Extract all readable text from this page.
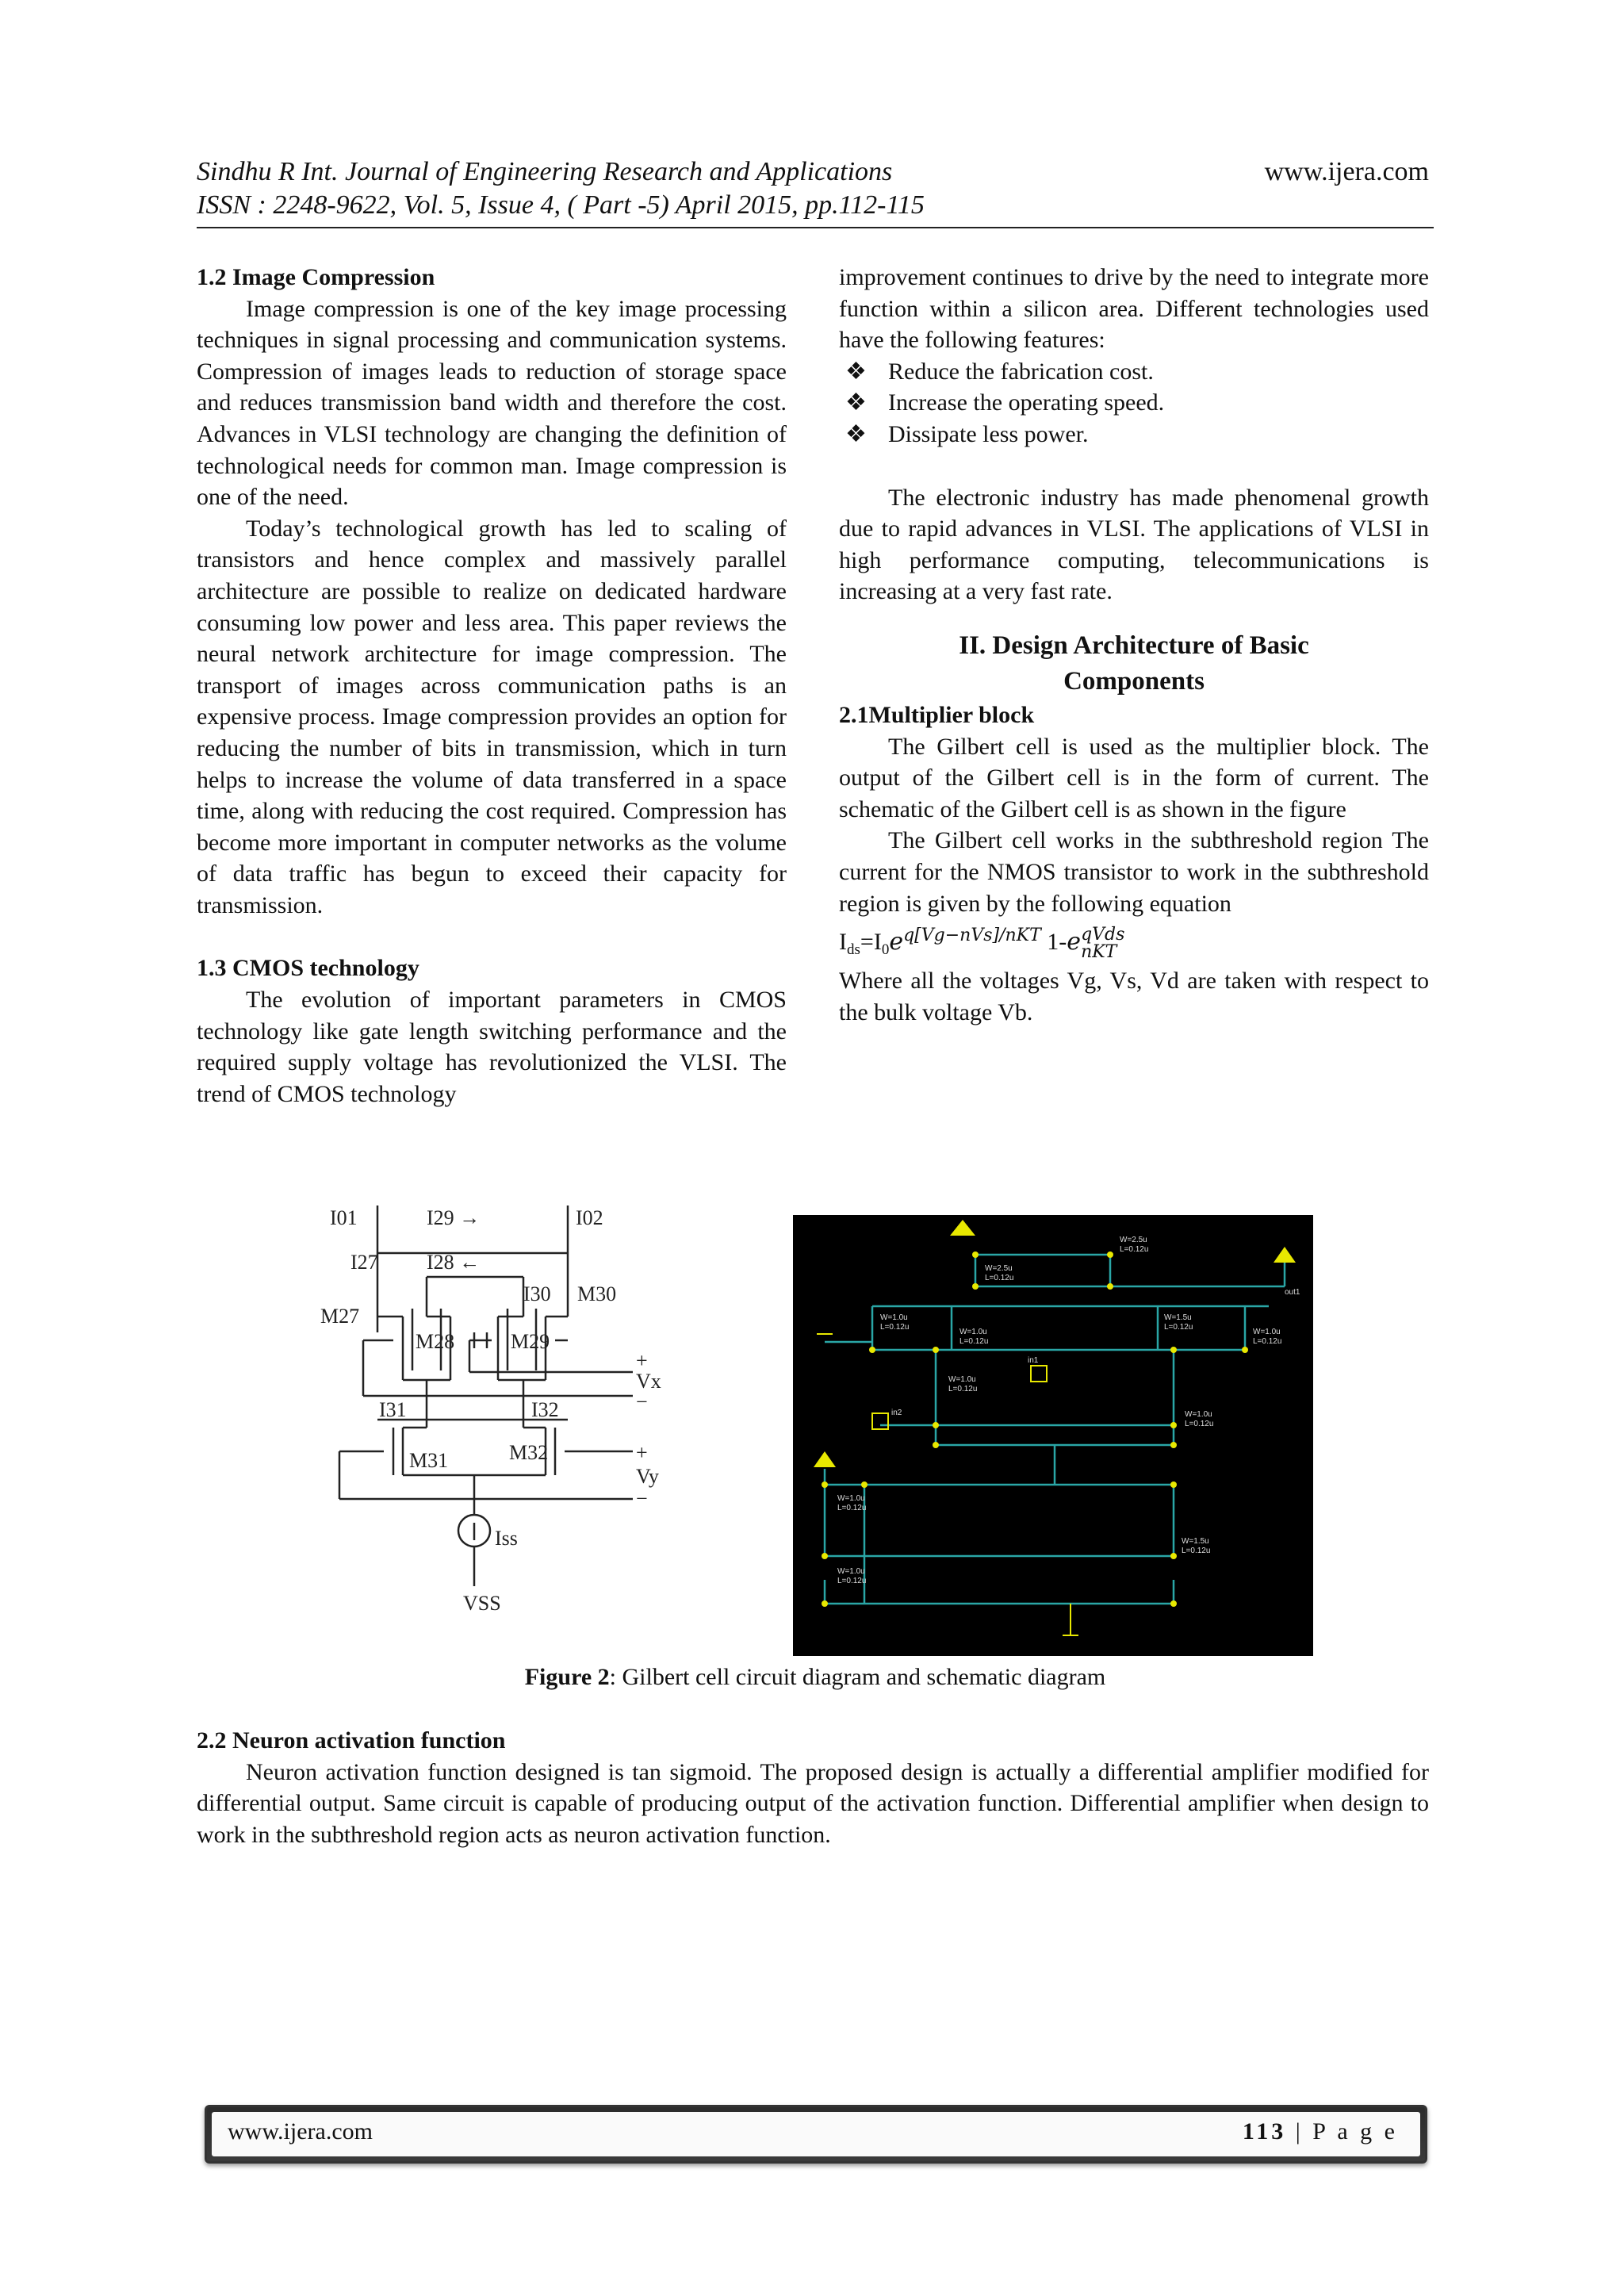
Sindhu R Int. Journal of Engineering Research and Applications	www.ijera.com
ISSN : 2248-9622, Vol. 5, Issue 4, ( Part -5) April 2015, pp.112-115

1.2 Image Compression

Image compression is one of the key image processing techniques in signal processing and communication systems. Compression of images leads to reduction of storage space and reduces transmission band width and therefore the cost. Advances in VLSI technology are changing the definition of technological needs for common man. Image compression is one of the need.

Today’s technological growth has led to scaling of transistors and hence complex and massively parallel architecture are possible to realize on dedicated hardware consuming low power and less area. This paper reviews the neural network architecture for image compression. The transport of images across communication paths is an expensive process. Image compression provides an option for reducing the number of bits in transmission, which in turn helps to increase the volume of data transferred in a space time, along with reducing the cost required. Compression has become more important in computer networks as the volume of data traffic has begun to exceed their capacity for transmission.

1.3 CMOS technology

The evolution of important parameters in CMOS technology like gate length switching performance and the required supply voltage has revolutionized the VLSI. The trend of CMOS technology

improvement continues to drive by the need to integrate more function within a silicon area. Different technologies used have the following features:

❖ Reduce the fabrication cost.

❖ Increase the operating speed.

❖ Dissipate less power.

The electronic industry has made phenomenal growth due to rapid advances in VLSI. The applications of VLSI in high performance computing, telecommunications is increasing at a very fast rate.

II. Design Architecture of Basic
Components

2.1Multiplier block

The Gilbert cell is used as the multiplier block. The output of the Gilbert cell is in the form of current. The schematic of the Gilbert cell is as shown in the figure

The Gilbert cell works in the subthreshold region The current for the NMOS transistor to work in the subthreshold region is given by the following equation

$I_{ds}=I_0e^{q[Vg-nVs]/nKT}$ 1-e qVds
nKT

Where all the voltages Vg, Vs, Vd are taken with respect to the bulk voltage Vb.

I01	I02
I29 →
I27 I28 ←
I30 M30
M27
M28	M29
I31	I32
M31	M32
Vx
Vy
+
+
−
−
Iss
VSS
W=2.5u
L=0.12u
W=2.5u
L=0.12u
W=1.0u
L=0.12u
W=1.0u
L=0.12u
W=1.5u
L=0.12u
W=1.0u
L=0.12u
W=1.0u
L=0.12u
W=1.0u
L=0.12u
W=1.0u
L=0.12u
W=1.5u
L=0.12u
W=1.0u
L=0.12u
out1
in1
in2
Figure 2: Gilbert cell circuit diagram and schematic diagram

2.2 Neuron activation function

Neuron activation function designed is tan sigmoid. The proposed design is actually a differential amplifier modified for differential output. Same circuit is capable of producing output of the activation function. Differential amplifier when design to work in the subthreshold region acts as neuron activation function.

www.ijera.com	113 | P a g e
